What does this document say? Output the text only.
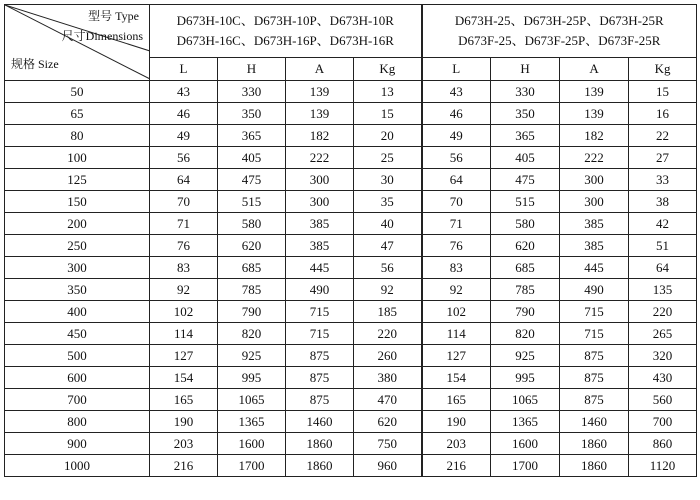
型号 Type
尺寸Dimensions
规格 Size	D673H-10C、D673H-10P、D673H-10R
D673H-16C、D673H-16P、D673H-16R				D673H-25、D673H-25P、D673H-25R
D673F-25、D673F-25P、D673F-25R			

	L	H	A	Kg	L	H	A	Kg
50	43	330	139	13	43	330	139	15
65	46	350	139	15	46	350	139	16
80	49	365	182	20	49	365	182	22
100	56	405	222	25	56	405	222	27
125	64	475	300	30	64	475	300	33
150	70	515	300	35	70	515	300	38
200	71	580	385	40	71	580	385	42
250	76	620	385	47	76	620	385	51
300	83	685	445	56	83	685	445	64
350	92	785	490	92	92	785	490	135
400	102	790	715	185	102	790	715	220
450	114	820	715	220	114	820	715	265
500	127	925	875	260	127	925	875	320
600	154	995	875	380	154	995	875	430
700	165	1065	875	470	165	1065	875	560
800	190	1365	1460	620	190	1365	1460	700
900	203	1600	1860	750	203	1600	1860	860
1000	216	1700	1860	960	216	1700	1860	1120
